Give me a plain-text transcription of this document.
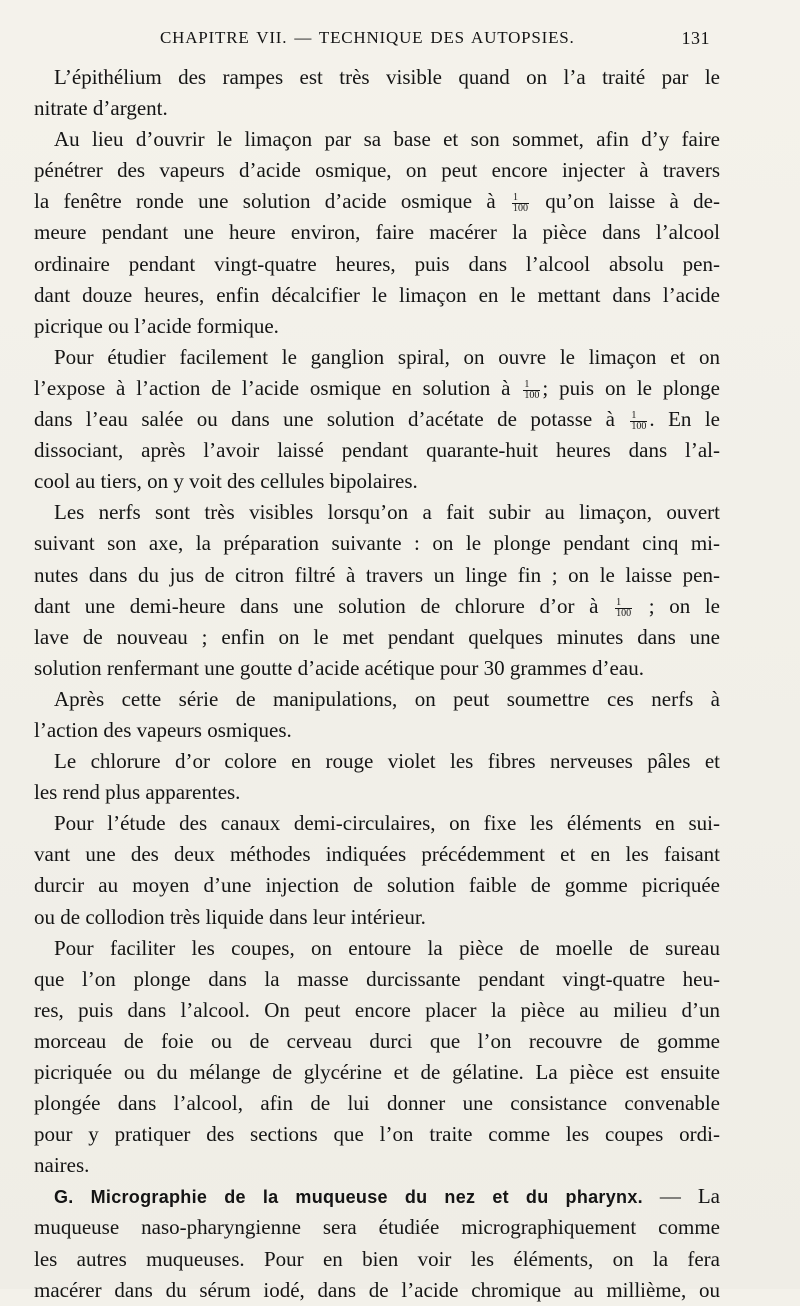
CHAPITRE VII. — TECHNIQUE DES AUTOPSIES.	131
L’épithélium des rampes est très visible quand on l’a traité par le
nitrate d’argent.
Au lieu d’ouvrir le limaçon par sa base et son sommet, afin d’y faire
pénétrer des vapeurs d’acide osmique, on peut encore injecter à travers
la fenêtre ronde une solution d’acide osmique à $\frac{1}{100}$ qu’on laisse à de-
meure pendant une heure environ, faire macérer la pièce dans l’alcool
ordinaire pendant vingt-quatre heures, puis dans l’alcool absolu pen-
dant douze heures, enfin décalcifier le limaçon en le mettant dans l’acide
picrique ou l’acide formique.
Pour étudier facilement le ganglion spiral, on ouvre le limaçon et on
l’expose à l’action de l’acide osmique en solution à $\frac{1}{100}$ ; puis on le plonge
dans l’eau salée ou dans une solution d’acétate de potasse à $\frac{1}{100}$ . En le
dissociant, après l’avoir laissé pendant quarante-huit heures dans l’al-
cool au tiers, on y voit des cellules bipolaires.
Les nerfs sont très visibles lorsqu’on a fait subir au limaçon, ouvert
suivant son axe, la préparation suivante : on le plonge pendant cinq mi-
nutes dans du jus de citron filtré à travers un linge fin ; on le laisse pen-
dant une demi-heure dans une solution de chlorure d’or à $\frac{1}{100}$ ; on le
lave de nouveau ; enfin on le met pendant quelques minutes dans une
solution renfermant une goutte d’acide acétique pour 30 grammes d’eau.
Après cette série de manipulations, on peut soumettre ces nerfs à
l’action des vapeurs osmiques.
Le chlorure d’or colore en rouge violet les fibres nerveuses pâles et
les rend plus apparentes.
Pour l’étude des canaux demi-circulaires, on fixe les éléments en sui-
vant une des deux méthodes indiquées précédemment et en les faisant
durcir au moyen d’une injection de solution faible de gomme picriquée
ou de collodion très liquide dans leur intérieur.
Pour faciliter les coupes, on entoure la pièce de moelle de sureau
que l’on plonge dans la masse durcissante pendant vingt-quatre heu-
res, puis dans l’alcool. On peut encore placer la pièce au milieu d’un
morceau de foie ou de cerveau durci que l’on recouvre de gomme
picriquée ou du mélange de glycérine et de gélatine. La pièce est ensuite
plongée dans l’alcool, afin de lui donner une consistance convenable
pour y pratiquer des sections que l’on traite comme les coupes ordi-
naires.
G. Micrographie de la muqueuse du nez et du pharynx. — La
muqueuse naso-pharyngienne sera étudiée micrographiquement comme
les autres muqueuses. Pour en bien voir les éléments, on la fera
macérer dans du sérum iodé, dans de l’acide chromique au millième, ou
